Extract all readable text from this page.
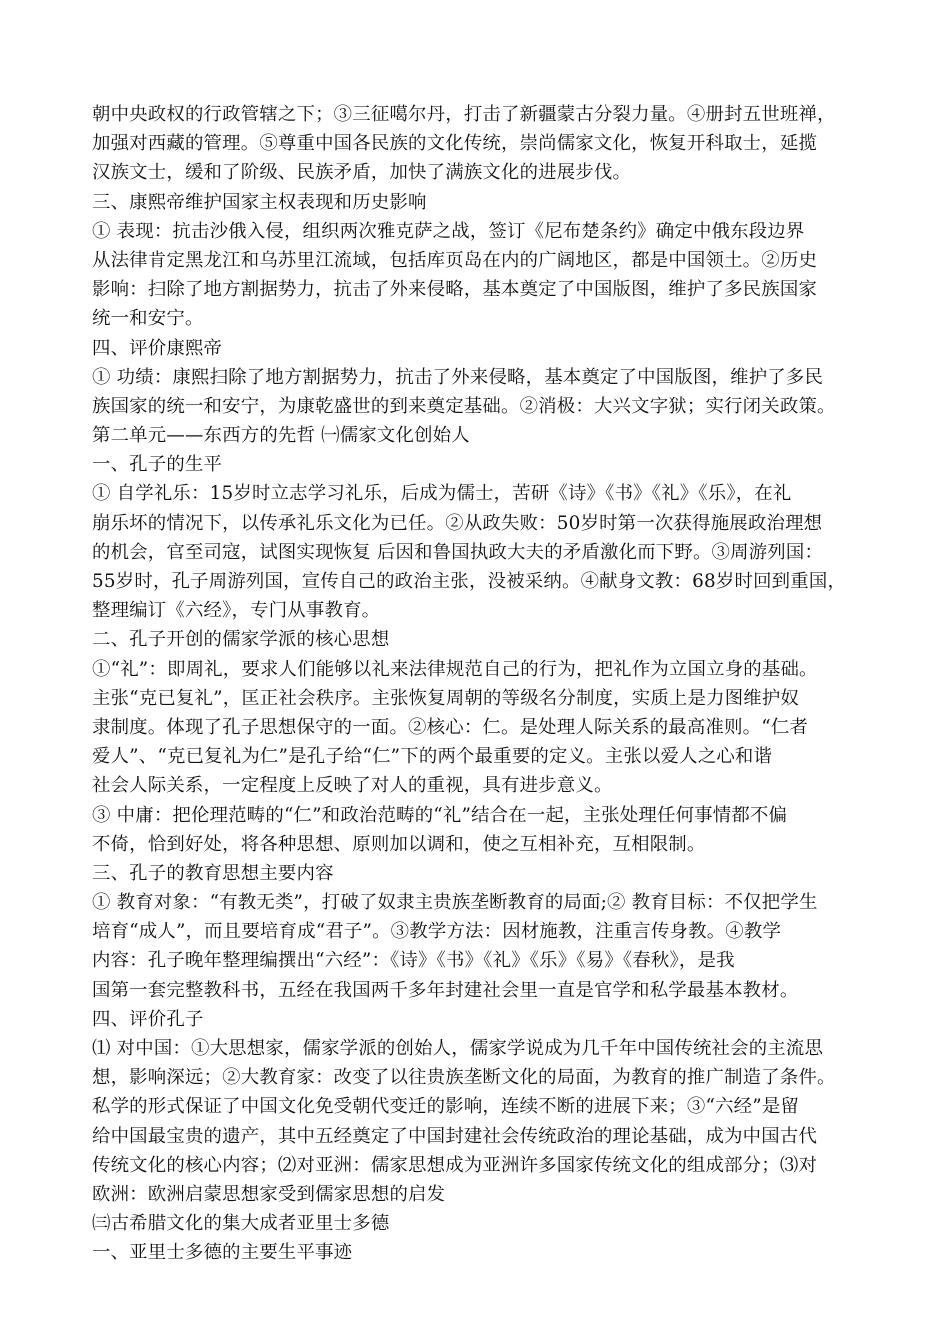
朝中央政权的行政管辖之下；③三征噶尔丹，打击了新疆蒙古分裂力量。④册封五世班禅，
加强对西藏的管理。⑤尊重中国各民族的文化传统，崇尚儒家文化，恢复开科取士，延揽
汉族文士，缓和了阶级、民族矛盾，加快了满族文化的进展步伐。
三、康熙帝维护国家主权表现和历史影响
① 表现：抗击沙俄入侵，组织两次雅克萨之战，签订《尼布楚条约》确定中俄东段边界
从法律肯定黑龙江和乌苏里江流域，包括库页岛在内的广阔地区，都是中国领土。②历史
影响：扫除了地方割据势力，抗击了外来侵略，基本奠定了中国版图，维护了多民族国家
统一和安宁。
四、评价康熙帝
① 功绩：康熙扫除了地方割据势力，抗击了外来侵略，基本奠定了中国版图，维护了多民
族国家的统一和安宁，为康乾盛世的到来奠定基础。②消极：大兴文字狱；实行闭关政策。
第二单元——东西方的先哲 ㈠儒家文化创始人
一、孔子的生平
① 自学礼乐：15岁时立志学习礼乐，后成为儒士，苦研《诗》《书》《礼》《乐》，在礼
崩乐坏的情况下，以传承礼乐文化为已任。②从政失败：50岁时第一次获得施展政治理想
的机会，官至司寇，试图实现恢复 后因和鲁国执政大夫的矛盾激化而下野。③周游列国：
55岁时，孔子周游列国，宣传自己的政治主张，没被采纳。④献身文教：68岁时回到重国，
整理编订《六经》，专门从事教育。
二、孔子开创的儒家学派的核心思想
①“礼”：即周礼，要求人们能够以礼来法律规范自己的行为，把礼作为立国立身的基础。
主张“克已复礼”，匡正社会秩序。主张恢复周朝的等级名分制度，实质上是力图维护奴
隶制度。体现了孔子思想保守的一面。②核心：仁。是处理人际关系的最高准则。“仁者
爱人”、“克已复礼为仁”是孔子给“仁”下的两个最重要的定义。主张以爱人之心和谐
社会人际关系，一定程度上反映了对人的重视，具有进步意义。
③ 中庸：把伦理范畴的“仁”和政治范畴的“礼”结合在一起，主张处理任何事情都不偏
不倚，恰到好处，将各种思想、原则加以调和，使之互相补充，互相限制。
三、孔子的教育思想主要内容
① 教育对象：“有教无类”，打破了奴隶主贵族垄断教育的局面;② 教育目标：不仅把学生
培育“成人”，而且要培育成“君子”。③教学方法：因材施教，注重言传身教。④教学
内容：孔子晚年整理编撰出“六经”：《诗》《书》《礼》《乐》《易》《春秋》，是我
国第一套完整教科书，五经在我国两千多年封建社会里一直是官学和私学最基本教材。
四、评价孔子
⑴ 对中国：①大思想家，儒家学派的创始人，儒家学说成为几千年中国传统社会的主流思
想，影响深远；②大教育家：改变了以往贵族垄断文化的局面，为教育的推广制造了条件。
私学的形式保证了中国文化免受朝代变迁的影响，连续不断的进展下来；③“六经”是留
给中国最宝贵的遗产，其中五经奠定了中国封建社会传统政治的理论基础，成为中国古代
传统文化的核心内容；⑵对亚洲：儒家思想成为亚洲许多国家传统文化的组成部分；⑶对
欧洲：欧洲启蒙思想家受到儒家思想的启发
㈢古希腊文化的集大成者亚里士多德
一、亚里士多德的主要生平事迹
